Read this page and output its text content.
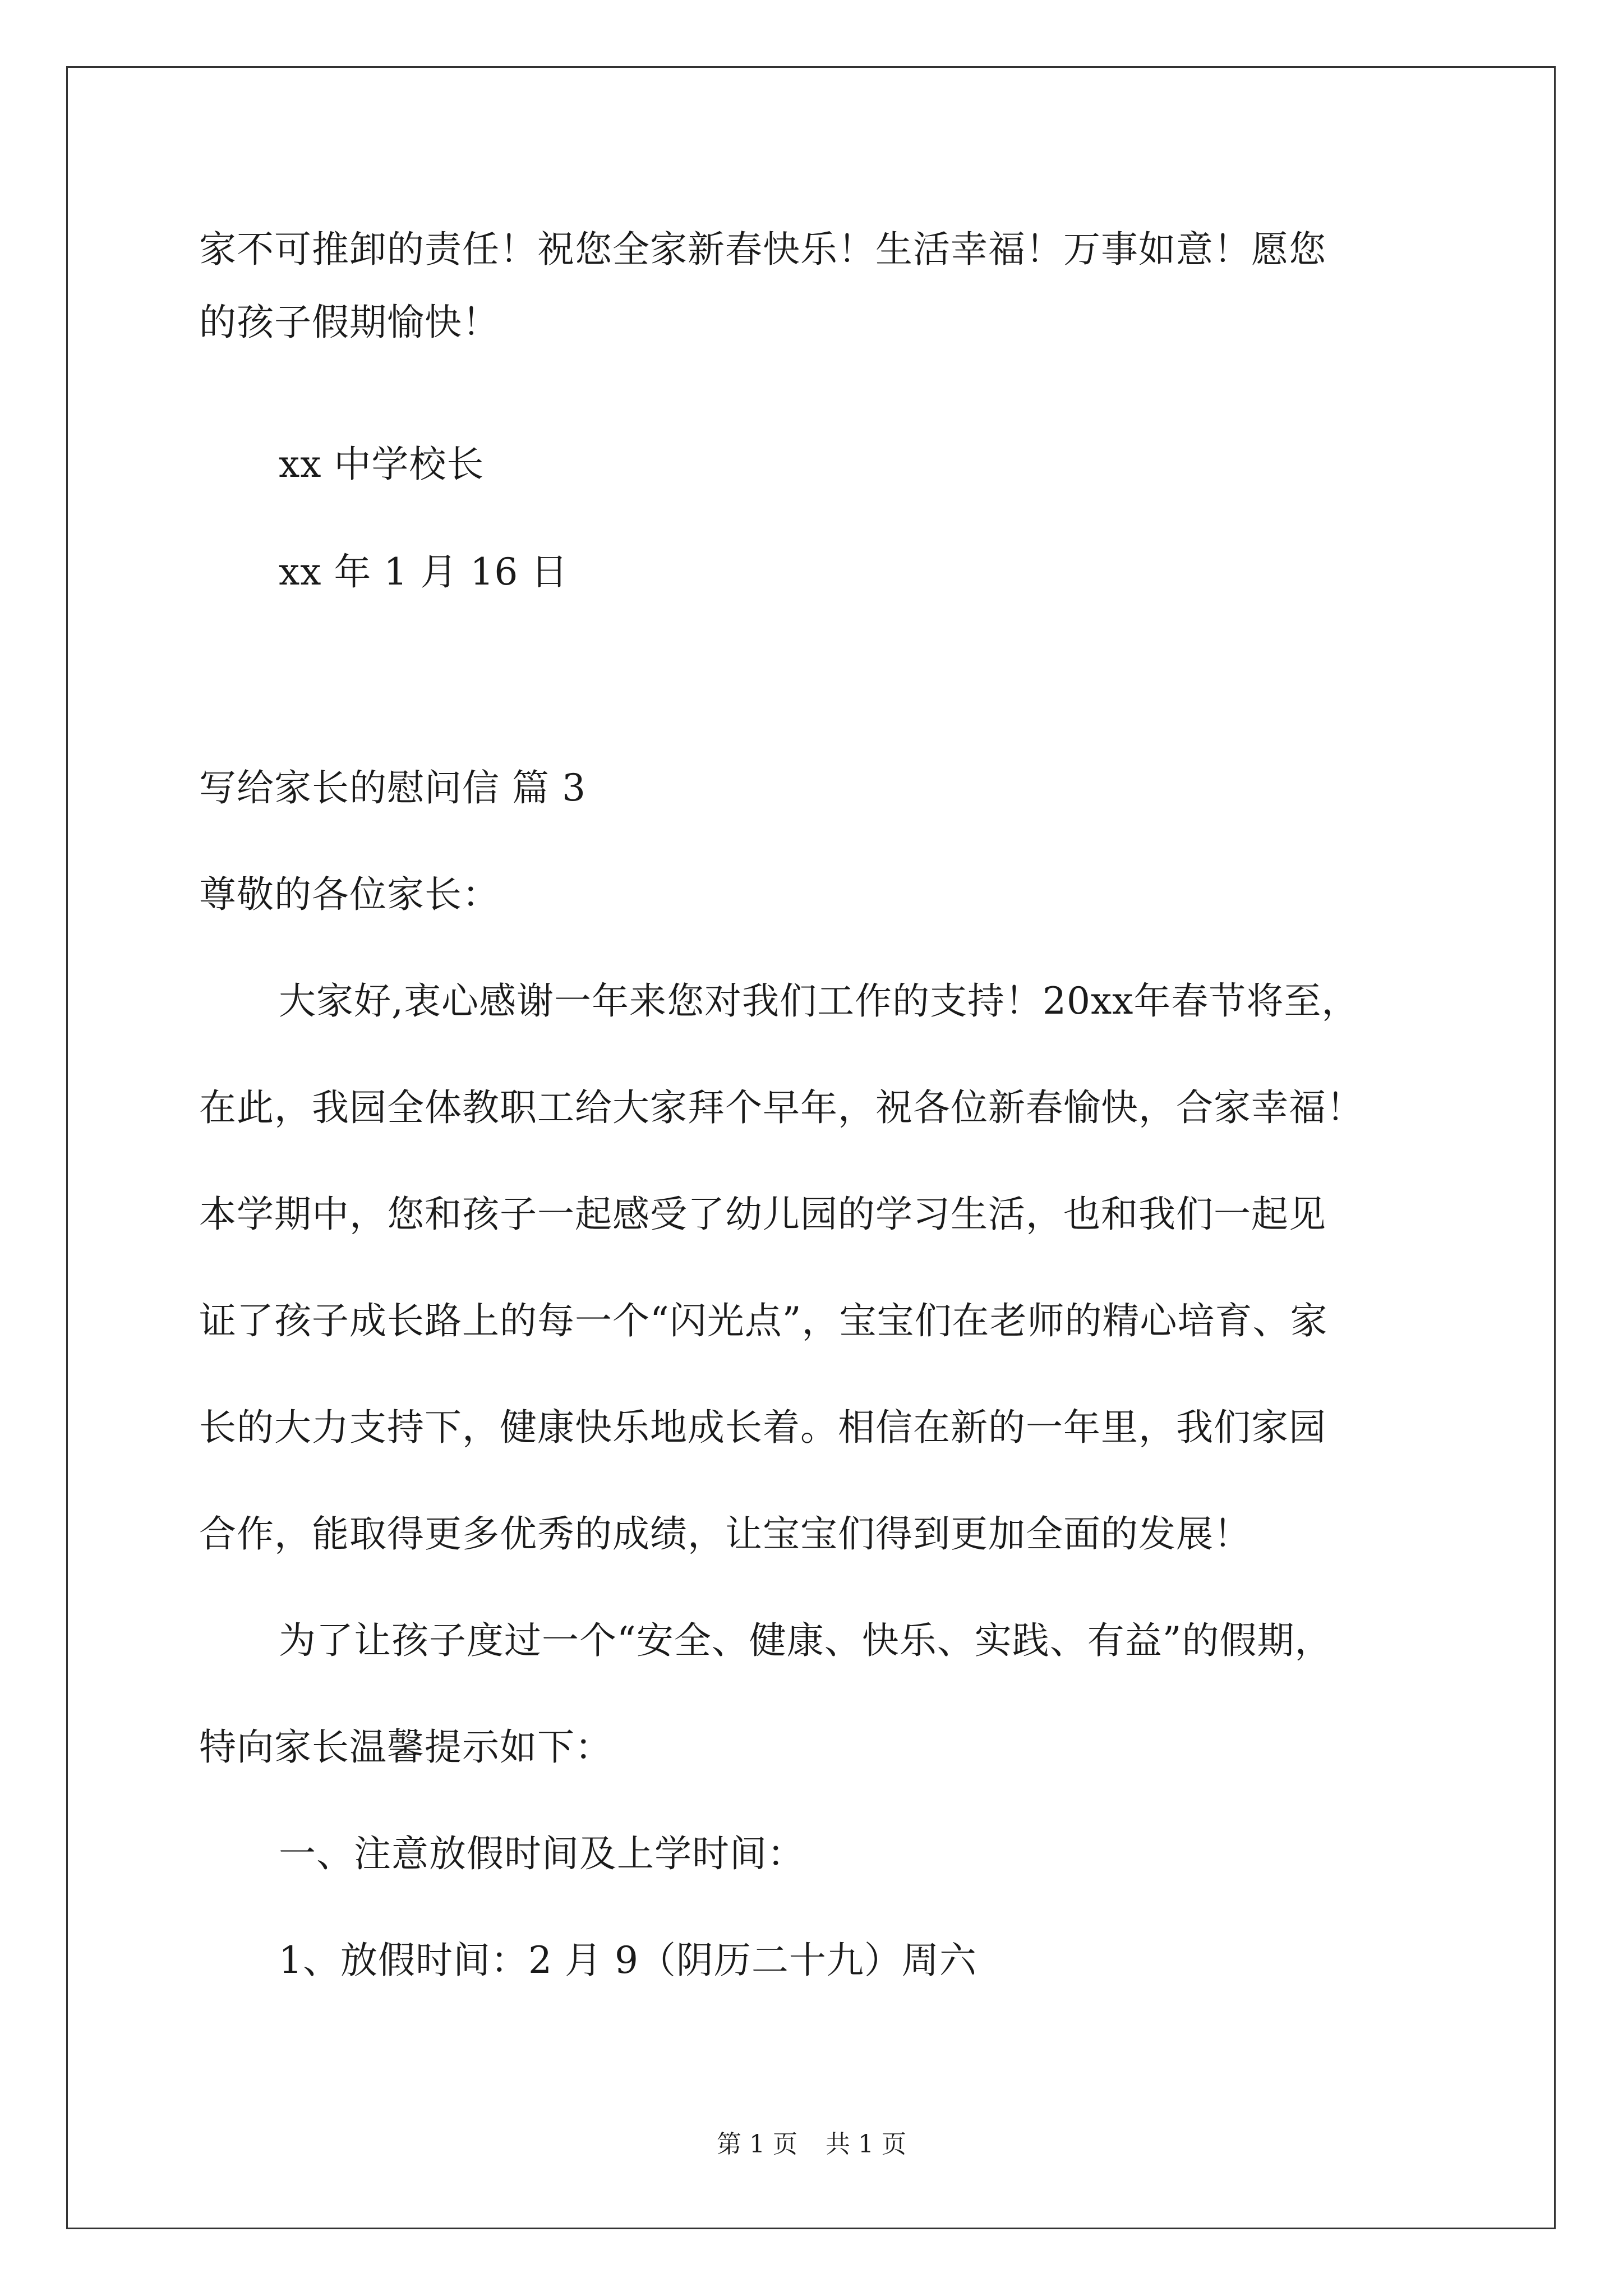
家不可推卸的责任！祝您全家新春快乐！生活幸福！万事如意！愿您
的孩子假期愉快！
xx 中学校长
xx 年 1 月 16 日
写给家长的慰问信 篇 3
尊敬的各位家长：
大家好,衷心感谢一年来您对我们工作的支持！20xx年春节将至，
在此，我园全体教职工给大家拜个早年，祝各位新春愉快，合家幸福！
本学期中，您和孩子一起感受了幼儿园的学习生活，也和我们一起见
证了孩子成长路上的每一个“闪光点”，宝宝们在老师的精心培育、家
长的大力支持下，健康快乐地成长着。相信在新的一年里，我们家园
合作，能取得更多优秀的成绩，让宝宝们得到更加全面的发展！
为了让孩子度过一个“安全、健康、快乐、实践、有益”的假期，
特向家长温馨提示如下：
一、注意放假时间及上学时间：
1、放假时间：2 月 9（阴历二十九）周六
第 1 页 共 1 页
